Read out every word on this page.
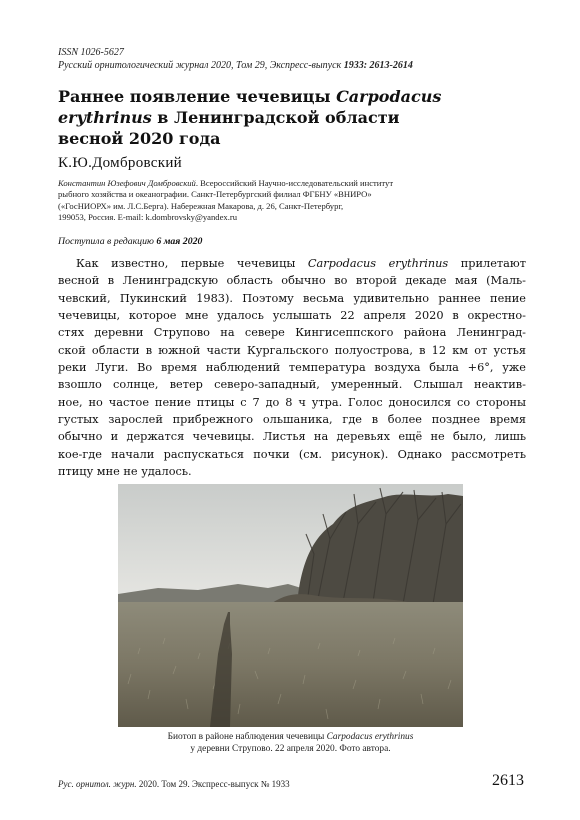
ISSN 1026-5627
Русский орнитологический журнал 2020, Том 29, Экспресс-выпуск 1933: 2613-2614
Раннее появление чечевицы Carpodacus
erythrinus в Ленинградской области
весной 2020 года
К.Ю.Домбровский
Константин Юзефович Домбровский. Всероссийский Научно-исследовательский институт
рыбного хозяйства и океанографии. Санкт-Петербургский филиал ФГБНУ «ВНИРО»
(«ГосНИОРХ» им. Л.С.Берга). Набережная Макарова, д. 26, Санкт-Петербург,
199053, Россия. E-mail: k.dombrovsky@yandex.ru
Поступила в редакцию 6 мая 2020
Как известно, первые чечевицы Carpodacus erythrinus прилетают
весной в Ленинградскую область обычно во второй декаде мая (Маль-
чевский, Пукинский 1983). Поэтому весьма удивительно раннее пение
чечевицы, которое мне удалось услышать 22 апреля 2020 в окрестно-
стях деревни Струпово на севере Кингисеппского района Ленинград-
ской области в южной части Кургальского полуострова, в 12 км от устья
реки Луги. Во время наблюдений температура воздуха была +6°, уже
взошло солнце, ветер северо-западный, умеренный. Слышал неактив-
ное, но частое пение птицы с 7 до 8 ч утра. Голос доносился со стороны
густых зарослей прибрежного ольшаника, где в более позднее время
обычно и держатся чечевицы. Листья на деревьях ещё не было, лишь
кое-где начали распускаться почки (см. рисунок). Однако рассмотреть
птицу мне не удалось.
Биотоп в районе наблюдения чечевицы Carpodacus erythrinus
у деревни Струпово. 22 апреля 2020. Фото автора.
Рус. орнитол. журн. 2020. Том 29. Экспресс-выпуск № 1933	2613
